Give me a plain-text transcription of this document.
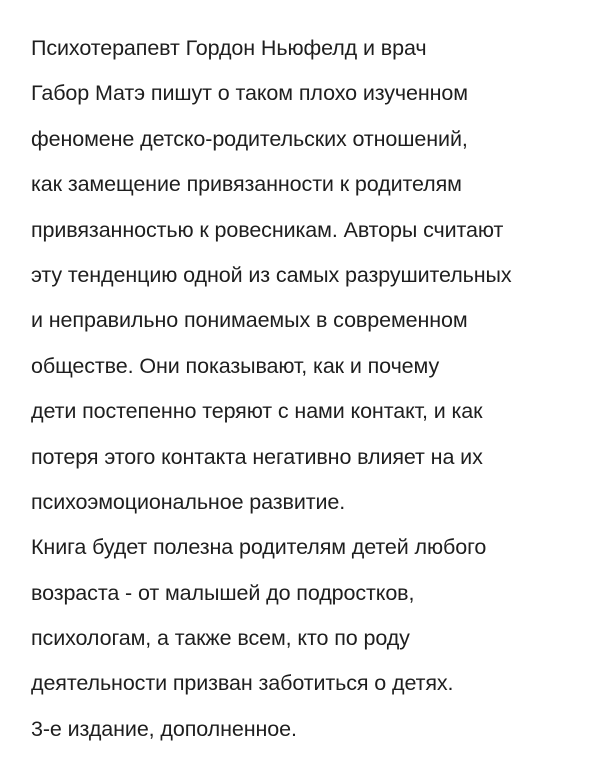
Психотерапевт Гордон Ньюфелд и врач
Габор Матэ пишут о таком плохо изученном
феномене детско-родительских отношений,
как замещение привязанности к родителям
привязанностью к ровесникам. Авторы считают
эту тенденцию одной из самых разрушительных
и неправильно понимаемых в современном
обществе. Они показывают, как и почему
дети постепенно теряют с нами контакт, и как
потеря этого контакта негативно влияет на их
психоэмоциональное развитие.
Книга будет полезна родителям детей любого
возраста - от малышей до подростков,
психологам, а также всем, кто по роду
деятельности призван заботиться о детях.
3-е издание, дополненное.
